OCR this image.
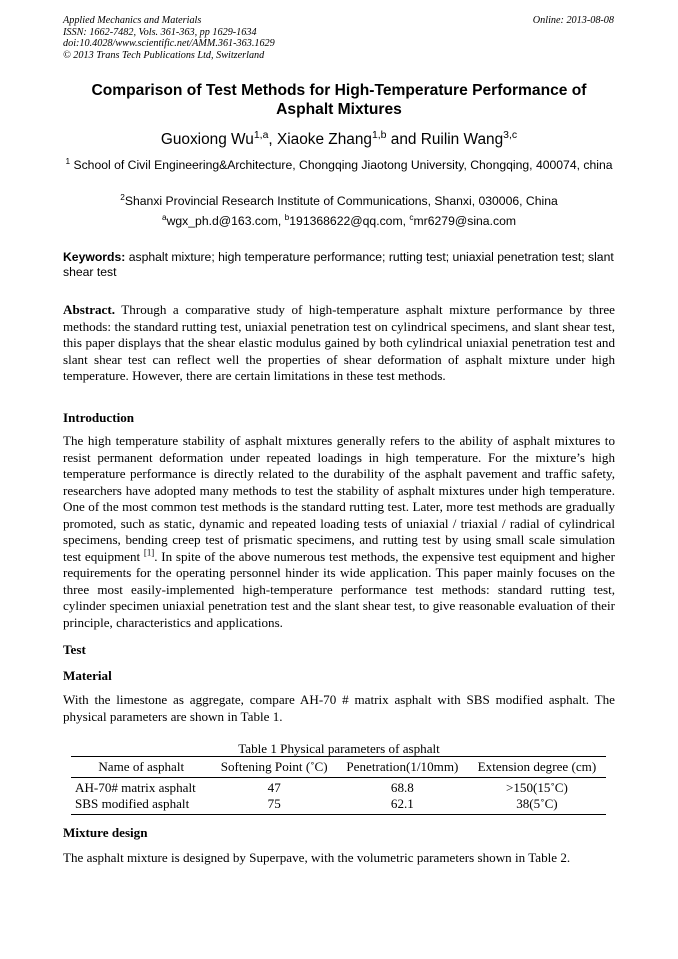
Applied Mechanics and Materials
ISSN: 1662-7482, Vols. 361-363, pp 1629-1634
doi:10.4028/www.scientific.net/AMM.361-363.1629
© 2013 Trans Tech Publications Ltd, Switzerland
Online: 2013-08-08
Comparison of Test Methods for High-Temperature Performance of Asphalt Mixtures
Guoxiong Wu$^{1,a}$, Xiaoke Zhang$^{1,b}$ and Ruilin Wang$^{3,c}$
$^1$ School of Civil Engineering&Architecture, Chongqing Jiaotong University, Chongqing, 400074, china
$^2$Shanxi Provincial Research Institute of Communications, Shanxi, 030006, China
$^a$wgx_ph.d@163.com, $^b$191368622@qq.com, $^c$mr6279@sina.com
Keywords: asphalt mixture; high temperature performance; rutting test; uniaxial penetration test; slant shear test
Abstract. Through a comparative study of high-temperature asphalt mixture performance by three methods: the standard rutting test, uniaxial penetration test on cylindrical specimens, and slant shear test, this paper displays that the shear elastic modulus gained by both cylindrical uniaxial penetration test and slant shear test can reflect well the properties of shear deformation of asphalt mixture under high temperature. However, there are certain limitations in these test methods.
Introduction
The high temperature stability of asphalt mixtures generally refers to the ability of asphalt mixtures to resist permanent deformation under repeated loadings in high temperature. For the mixture’s high temperature performance is directly related to the durability of the asphalt pavement and traffic safety, researchers have adopted many methods to test the stability of asphalt mixtures under high temperature. One of the most common test methods is the standard rutting test. Later, more test methods are gradually promoted, such as static, dynamic and repeated loading tests of uniaxial / triaxial / radial of cylindrical specimens, bending creep test of prismatic specimens, and rutting test by using small scale simulation test equipment [1]. In spite of the above numerous test methods, the expensive test equipment and higher requirements for the operating personnel hinder its wide application. This paper mainly focuses on the three most easily-implemented high-temperature performance test methods: standard rutting test, cylinder specimen uniaxial penetration test and the slant shear test, to give reasonable evaluation of their principle, characteristics and applications.
Test
Material
With the limestone as aggregate, compare AH-70 # matrix asphalt with SBS modified asphalt. The physical parameters are shown in Table 1.
Table 1 Physical parameters of asphalt
Name of asphalt	Softening Point (˚C)	Penetration(1/10mm)	Extension degree (cm)
AH-70# matrix asphalt	47	68.8	>150(15˚C)
SBS modified asphalt	75	62.1	38(5˚C)
Mixture design
The asphalt mixture is designed by Superpave, with the volumetric parameters shown in Table 2.
